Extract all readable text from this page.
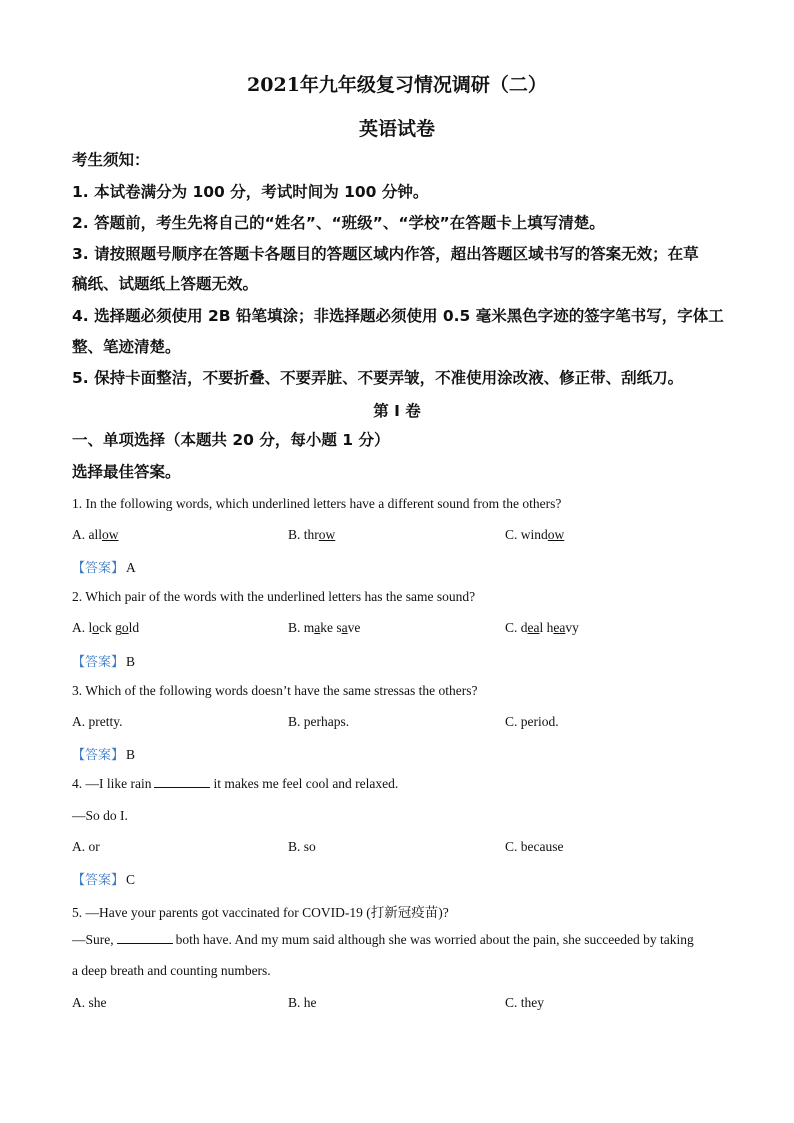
2021年九年级复习情况调研（二）
英语试卷
考生须知：
1. 本试卷满分为 100 分，考试时间为 100 分钟。
2. 答题前，考生先将自己的“姓名”、“班级”、“学校”在答题卡上填写清楚。
3. 请按照题号顺序在答题卡各题目的答题区域内作答，超出答题区域书写的答案无效；在草
稿纸、试题纸上答题无效。
4. 选择题必须使用 2B 铅笔填涂；非选择题必须使用 0.5 毫米黑色字迹的签字笔书写，字体工
整、笔迹清楚。
5. 保持卡面整洁，不要折叠、不要弄脏、不要弄皱，不准使用涂改液、修正带、刮纸刀。
第 I 卷
一、单项选择（本题共 20 分，每小题 1 分）
选择最佳答案。
1. In the following words, which underlined letters have a different sound from the others?
A. allow	B. throw	C. window
【答案】 A
2. Which pair of the words with the underlined letters has the same sound?
A. lock gold	B. make save	C. deal heavy
【答案】 B
3. Which of the following words doesn’t have the same stressas the others?
A. pretty.	B. perhaps.	C. period.
【答案】 B
4. —I like rain	it makes me feel cool and relaxed.
—So do I.
A. or	B. so	C. because
【答案】 C
5. —Have your parents got vaccinated for COVID-19 (打新冠疫苗)?
—Sure,	both have. And my mum said although she was worried about the pain, she succeeded by taking
a deep breath and counting numbers.
A. she	B. he	C. they
